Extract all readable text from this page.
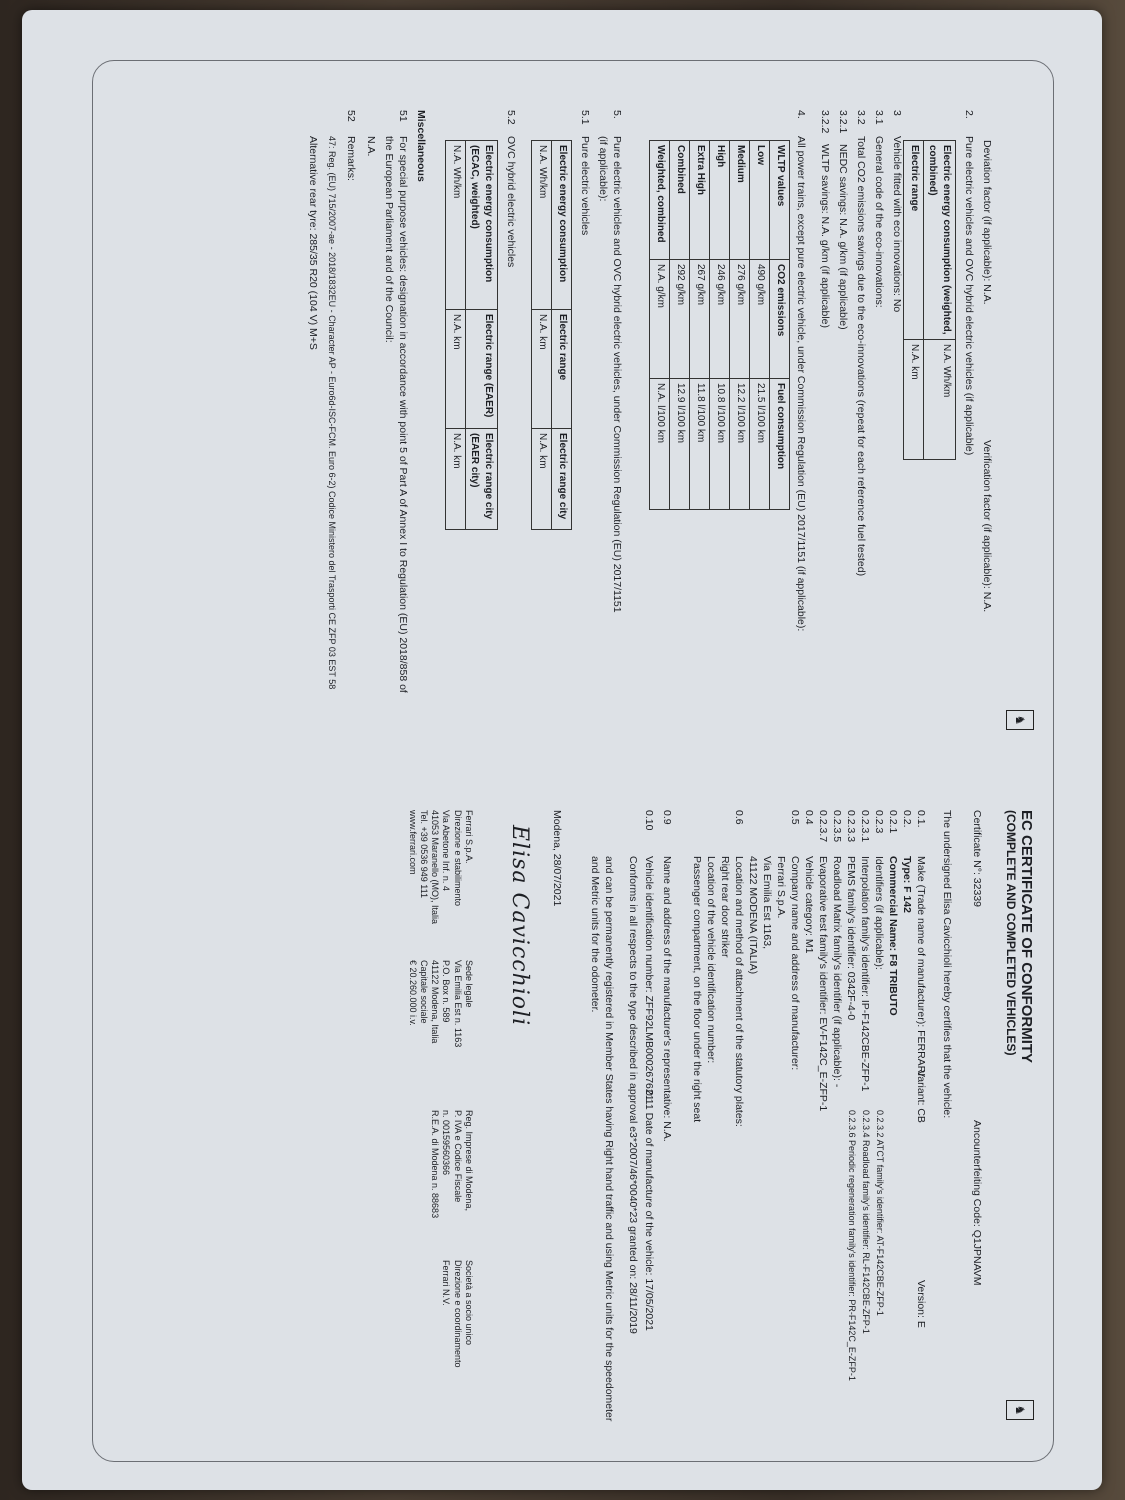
♞
EC CERTIFICATE OF CONFORMITY
(COMPLETE AND COMPLETED VEHICLES)
Certificate N°: 32339
Ancounterfeiting Code: Q1JPNAVM
The undersigned Elisa Cavicchioli hereby certifies that the vehicle:
0.1.Make (Trade name of manufacturer): FERRARI
0.2.Type: F 142
0.2.1Commercial Name: F8 TRIBUTO
0.2.3Identifiers (if applicable):
0.2.3.1Interpolation family's identifier: IP-F142CBE-ZFP-1
0.2.3.3PEMS family's identifier: 0342F-4-0
0.2.3.5Roadload Matrix family's identifier (if applicable): -
0.2.3.7Evaporative test family's identifier: EV-F142C_E-ZFP-1
0.4Vehicle category: M1
0.5Company name and address of manufacturer:
Ferrari S.p.A.
Via Emilia Est 1163,
41122 MODENA (ITALIA)
0.6Location and method of attachment of the statutory plates:
Right rear door striker
Location of the vehicle identification number:
Passenger compartment, on the floor under the right seat
0.9Name and address of the manufacturer's representative: N.A.
0.10Vehicle identification number: ZFF92LMB000267621
Conforms in all respects to the type described in approval e3*2007/46*0040*23 granted on: 28/11/2019
and can be permanently registered in Member States having Right hand traffic and using Metric units for the speedometer
and Metric units for the odometer.
Version: E
Variant: CB
0.2.3.2 ATCT family's identifier: AT-F142CBE-ZFP-1
0.2.3.4 Roadload family's identifier: RL-F142CBE-ZFP-1
0.2.3.6 Periodic regeneration family's identifier: PR-F142C_E-ZFP-1
0.11 Date of manufacture of the vehicle: 17/05/2021
Modena, 28/07/2021
Elisa Cavicchioli
Ferrari S.p.A.
Direzione e stabilimento
Via Abetone Inf. n. 4
41053 Maranello (MO), Italia
Tel. +39 0536 949 111
www.ferrari.com
Sede legale
Via Emilia Est n. 1163
P.O. Box n. 589
41122 Modena, Italia
Capitale sociale
€ 20.260.000 i.v.
Reg. Imprese di Modena,
P. IVA e Codice Fiscale
n. 00159560366
R.E.A. di Modena n. 88683
Società a socio unico
Direzione e coordinamento
Ferrari N.V.
♞
Deviation factor (if applicable): N.A.
Verification factor (if applicable): N.A.
2.Pure electric vehicles and OVC hybrid electric vehicles (if applicable)
Electric energy consumption (weighted, combined)	N.A. Wh/km
Electric range	N.A. km
3Vehicle fitted with eco innovations: No
3.1General code of the eco-innovations:
3.2Total CO2 emissions savings due to the eco-innovations (repeat for each reference fuel tested)
3.2.1NEDC savings: N.A. g/km (if applicable)
3.2.2WLTP savings: N.A. g/km (if applicable)
4.All power trains, except pure electric vehicle, under Commission Regulation (EU) 2017/1151 (if applicable):
WLTP values	CO2 emissions	Fuel consumption
Low	490 g/km	21.5 l/100 km
Medium	276 g/km	12.2 l/100 km
High	246 g/km	10.8 l/100 km
Extra High	267 g/km	11.8 l/100 km
Combined	292 g/km	12.9 l/100 km
Weighted, combined	N.A. g/km	N.A. l/100 km
5.Pure electric vehicles and OVC hybrid electric vehicles, under Commission Regulation (EU) 2017/1151
(if applicable):
5.1Pure electric vehicles
Electric energy consumption	Electric range	Electric range city
N.A. Wh/km	N.A. km	N.A. km
5.2OVC hybrid electric vehicles
Electric energy consumption (ECAC, weighted)	Electric range (EAER)	Electric range city (EAER city)
N.A. Wh/km	N.A. km	N.A. km
Miscellaneous
51For special purpose vehicles: designation in accordance with point 5 of Part A of Annex I to Regulation (EU) 2018/858 of
the European Parliament and of the Council:
N.A.
52Remarks:
47: Reg. (EU) 715/2007-ae - 2018/1832EU - Character AP - Euro6d-ISC-FCM. Euro 6-2) Codice Ministero del Trasporti CE ZFP 03 EST 58
Alternative rear tyre: 285/35 R20 (104 V) M+S
